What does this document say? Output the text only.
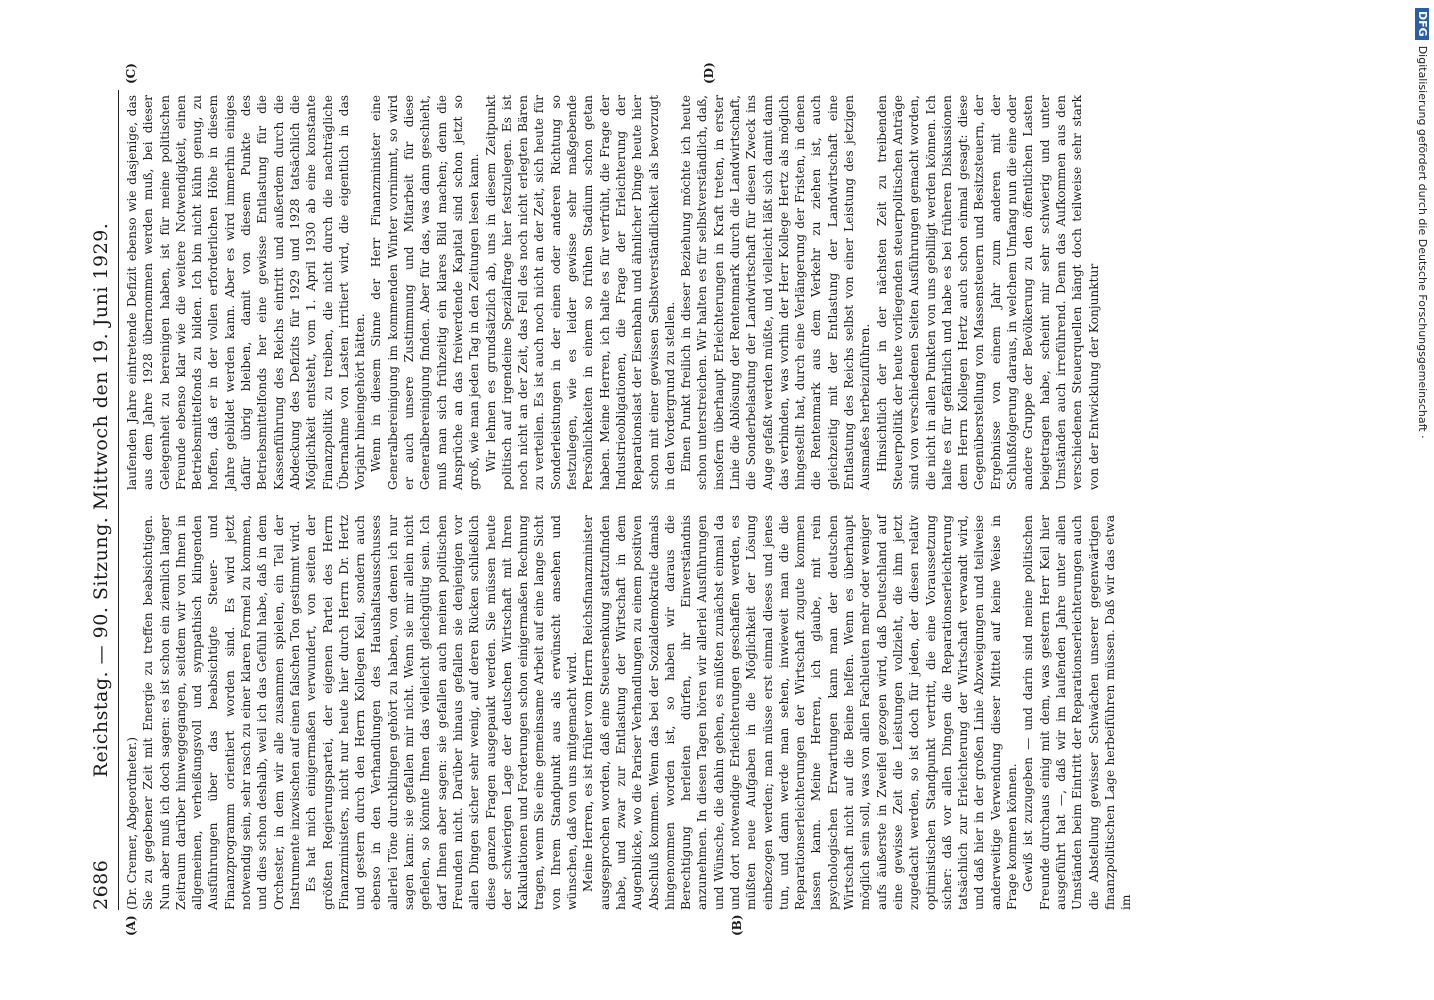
2686
Reichstag. — 90. Sitzung. Mittwoch den 19. Juni 1929.
(A)	(B)
(C)	(D)

(Dr. Cremer, Abgeordneter.) Sie zu gegebener Zeit mit Energie zu treffen beabsichtigen. Nun aber muß ich doch sagen: es ist schon ein ziemlich langer Zeitraum darüber hinweggegangen, seitdem wir von Ihnen in allgemeinen, verheißungsvoll und sympathisch klingenden Ausführungen über das beabsichtigte Steuer- und Finanzprogramm orientiert worden sind. Es wird jetzt notwendig sein, sehr rasch zu einer klaren Formel zu kommen, und dies schon deshalb, weil ich das Gefühl habe, daß in dem Orchester, in dem wir alle zusammen spielen, ein Teil der Instrumente inzwischen auf einen falschen Ton gestimmt wird. Es hat mich einigermaßen verwundert, von seiten der größten Regierungspartei, der eigenen Partei des Herrn Finanzministers, nicht nur heute hier durch Herrn Dr. Hertz und gestern durch den Herrn Kollegen Keil, sondern auch ebenso in den Verhandlungen des Haushaltsausschusses allerlei Töne durchklingen gehört zu haben, von denen ich nur sagen kann: sie gefallen mir nicht. Wenn sie mir allein nicht gefielen, so könnte Ihnen das vielleicht gleichgültig sein. Ich darf Ihnen aber sagen: sie gefallen auch meinen politischen Freunden nicht. Darüber hinaus gefallen sie denjenigen vor allen Dingen sicher sehr wenig, auf deren Rücken schließlich diese ganzen Fragen ausgepaukt werden. Sie müssen heute der schwierigen Lage der deutschen Wirtschaft mit Ihren Kalkulationen und Forderungen schon einigermaßen Rechnung tragen, wenn Sie eine gemeinsame Arbeit auf eine lange Sicht von Ihrem Standpunkt aus als erwünscht ansehen und wünschen, daß von uns mitgemacht wird. Meine Herren, es ist früher vom Herrn Reichsfinanzminister ausgesprochen worden, daß eine Steuersenkung stattzufinden habe, und zwar zur Entlastung der Wirtschaft in dem Augenblicke, wo die Pariser Verhandlungen zu einem positiven Abschluß kommen. Wenn das bei der Sozialdemokratie damals hingenommen worden ist, so haben wir daraus die Berechtigung herleiten dürfen, ihr Einverständnis anzunehmen. In diesen Tagen hören wir allerlei Ausführungen und Wünsche, die dahin gehen, es müßten zunächst einmal da und dort notwendige Erleichterungen geschaffen werden, es müßten neue Aufgaben in die Möglichkeit der Lösung einbezogen werden; man müsse erst einmal dieses und jenes tun, und dann werde man sehen, inwieweit man die die Reparationserleichterungen der Wirtschaft zugute kommen lassen kann. Meine Herren, ich glaube, mit rein psychologischen Erwartungen kann man der deutschen Wirtschaft nicht auf die Beine helfen. Wenn es überhaupt möglich sein soll, was von allen Fachleuten mehr oder weniger aufs äußerste in Zweifel gezogen wird, daß Deutschland auf eine gewisse Zeit die Leistungen vollzieht, die ihm jetzt zugedacht werden, so ist doch für jeden, der diesen relativ optimistischen Standpunkt vertritt, die eine Voraussetzung sicher: daß vor allen Dingen die Reparationserleichterung tatsächlich zur Erleichterung der Wirtschaft verwandt wird, und daß hier in der großen Linie Abzweigungen und teilweise anderweitige Verwendung dieser Mittel auf keine Weise in Frage kommen können. Gewiß ist zuzugeben — und darin sind meine politischen Freunde durchaus einig mit dem, was gestern Herr Keil hier ausgeführt hat —, daß wir im laufenden Jahre unter allen Umständen beim Eintritt der Reparationserleichterungen auch die Abstellung gewisser Schwächen unserer gegenwärtigen finanzpolitischen Lage herbeiführen müssen. Daß wir das etwa im

laufenden Jahre eintretende Defizit ebenso wie dasjenige, das aus dem Jahre 1928 übernommen werden muß, bei dieser Gelegenheit zu bereinigen haben, ist für meine politischen Freunde ebenso klar wie die weitere Notwendigkeit, einen Betriebsmittelfonds zu bilden. Ich bin nicht kühn genug, zu hoffen, daß er in der vollen erforderlichen Höhe in diesem Jahre gebildet werden kann. Aber es wird immerhin einiges dafür übrig bleiben, damit von diesem Punkte des Betriebsmittelfonds her eine gewisse Entlastung für die Kassenführung des Reichs eintritt und außerdem durch die Abdeckung des Defizits für 1929 und 1928 tatsächlich die Möglichkeit entsteht, vom 1. April 1930 ab eine konstante Finanzpolitik zu treiben, die nicht durch die nachträgliche Übernahme von Lasten irritiert wird, die eigentlich in das Vorjahr hineingehört hätten. Wenn in diesem Sinne der Herr Finanzminister eine Generalbereinigung im kommenden Winter vornimmt, so wird er auch unsere Zustimmung und Mitarbeit für diese Generalbereinigung finden. Aber für das, was dann geschieht, muß man sich frühzeitig ein klares Bild machen; denn die Ansprüche an das freiwerdende Kapital sind schon jetzt so groß, wie man jeden Tag in den Zeitungen lesen kann. Wir lehnen es grundsätzlich ab, uns in diesem Zeitpunkt politisch auf irgendeine Spezialfrage hier festzulegen. Es ist noch nicht an der Zeit, das Fell des noch nicht erlegten Bären zu verteilen. Es ist auch noch nicht an der Zeit, sich heute für Sonderleistungen in der einen oder anderen Richtung so festzulegen, wie es leider gewisse sehr maßgebende Persönlichkeiten in einem so frühen Stadium schon getan haben. Meine Herren, ich halte es für verfrüht, die Frage der Industrieobligationen, die Frage der Erleichterung der Reparationslast der Eisenbahn und ähnlicher Dinge heute hier schon mit einer gewissen Selbstverständlichkeit als bevorzugt in den Vordergrund zu stellen. Einen Punkt freilich in dieser Beziehung möchte ich heute schon unterstreichen. Wir halten es für selbstverständlich, daß, insofern überhaupt Erleichterungen in Kraft treten, in erster Linie die Ablösung der Rentenmark durch die Landwirtschaft, die Sonderbelastung der Landwirtschaft für diesen Zweck ins Auge gefaßt werden müßte, und vielleicht läßt sich damit dann das verbinden, was vorhin der Herr Kollege Hertz als möglich hingestellt hat, durch eine Verlängerung der Fristen, in denen die Rentenmark aus dem Verkehr zu ziehen ist, auch gleichzeitig mit der Entlastung der Landwirtschaft eine Entlastung des Reichs selbst von einer Leistung des jetzigen Ausmaßes herbeizuführen. Hinsichtlich der in der nächsten Zeit zu treibenden Steuerpolitik der heute vorliegenden steuerpolitischen Anträge sind von verschiedenen Seiten Ausführungen gemacht worden, die nicht in allen Punkten von uns gebilligt werden können. Ich halte es für gefährlich und habe es bei früheren Diskussionen dem Herrn Kollegen Hertz auch schon einmal gesagt: diese Gegenüberstellung von Massensteuern und Besitzsteuern, der Ergebnisse von einem Jahr zum anderen mit der Schlußfolgerung daraus, in welchem Umfang nun die eine oder andere Gruppe der Bevölkerung zu den öffentlichen Lasten beigetragen habe, scheint mir sehr schwierig und unter Umständen auch irreführend. Denn das Aufkommen aus den verschiedenen Steuerquellen hängt doch teilweise sehr stark von der Entwicklung der Konjunktur

DFGDigitalisierung gefördert durch die Deutsche Forschungsgemeinschaft ·
